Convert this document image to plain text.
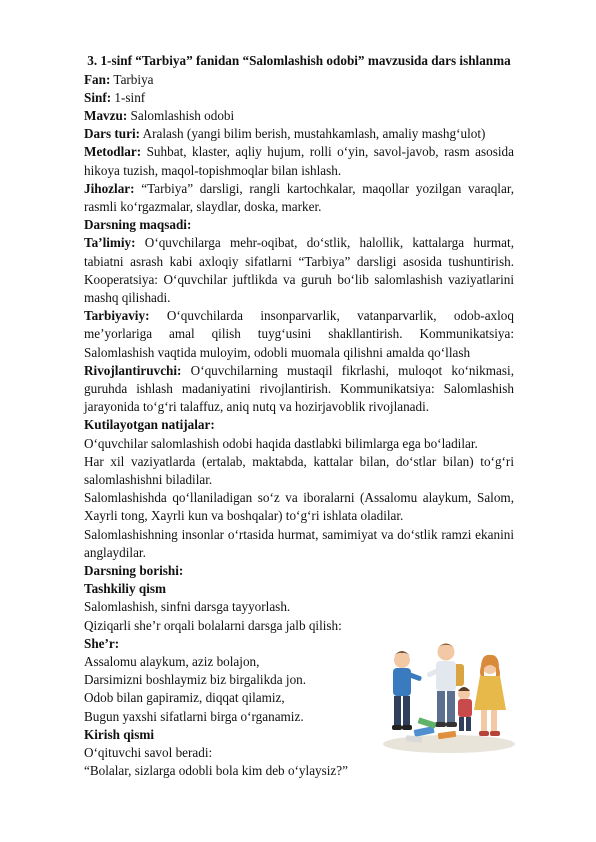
3. 1-sinf “Tarbiya” fanidan “Salomlashish odobi” mavzusida dars ishlanma

Fan: Tarbiya

Sinf: 1-sinf

Mavzu: Salomlashish odobi

Dars turi: Aralash (yangi bilim berish, mustahkamlash, amaliy mashg‘ulot)

Metodlar: Suhbat, klaster, aqliy hujum, rolli o‘yin, savol-javob, rasm asosida hikoya tuzish, maqol-topishmoqlar bilan ishlash.

Jihozlar: “Tarbiya” darsligi, rangli kartochkalar, maqollar yozilgan varaqlar, rasmli ko‘rgazmalar, slaydlar, doska, marker.

Darsning maqsadi:

Ta’limiy: O‘quvchilarga mehr-oqibat, do‘stlik, halollik, kattalarga hurmat, tabiatni asrash kabi axloqiy sifatlarni “Tarbiya” darsligi asosida tushuntirish. Kooperatsiya: O‘quvchilar juftlikda va guruh bo‘lib salomlashish vaziyatlarini mashq qilishadi.

Tarbiyaviy: O‘quvchilarda insonparvarlik, vatanparvarlik, odob-axloq me’yorlariga amal qilish tuyg‘usini shakllantirish. Kommunikatsiya: Salomlashish vaqtida muloyim, odobli muomala qilishni amalda qo‘llash

Rivojlantiruvchi: O‘quvchilarning mustaqil fikrlashi, muloqot ko‘nikmasi, guruhda ishlash madaniyatini rivojlantirish. Kommunikatsiya: Salomlashish jarayonida to‘g‘ri talaffuz, aniq nutq va hozirjavoblik rivojlanadi.

Kutilayotgan natijalar:

O‘quvchilar salomlashish odobi haqida dastlabki bilimlarga ega bo‘ladilar.

Har xil vaziyatlarda (ertalab, maktabda, kattalar bilan, do‘stlar bilan) to‘g‘ri salomlashishni biladilar.

Salomlashishda qo‘llaniladigan so‘z va iboralarni (Assalomu alaykum, Salom, Xayrli tong, Xayrli kun va boshqalar) to‘g‘ri ishlata oladilar.

Salomlashishning insonlar o‘rtasida hurmat, samimiyat va do‘stlik ramzi ekanini anglaydilar.

Darsning borishi:

Tashkiliy qism

Salomlashish, sinfni darsga tayyorlash.

Qiziqarli she’r orqali bolalarni darsga jalb qilish:

She’r:

Assalomu alaykum, aziz bolajon,

Darsimizni boshlaymiz biz birgalikda jon.

Odob bilan gapiramiz, diqqat qilamiz,

Bugun yaxshi sifatlarni birga o‘rganamiz.

Kirish qismi

O‘qituvchi savol beradi:

“Bolalar, sizlarga odobli bola kim deb o‘ylaysiz?”
